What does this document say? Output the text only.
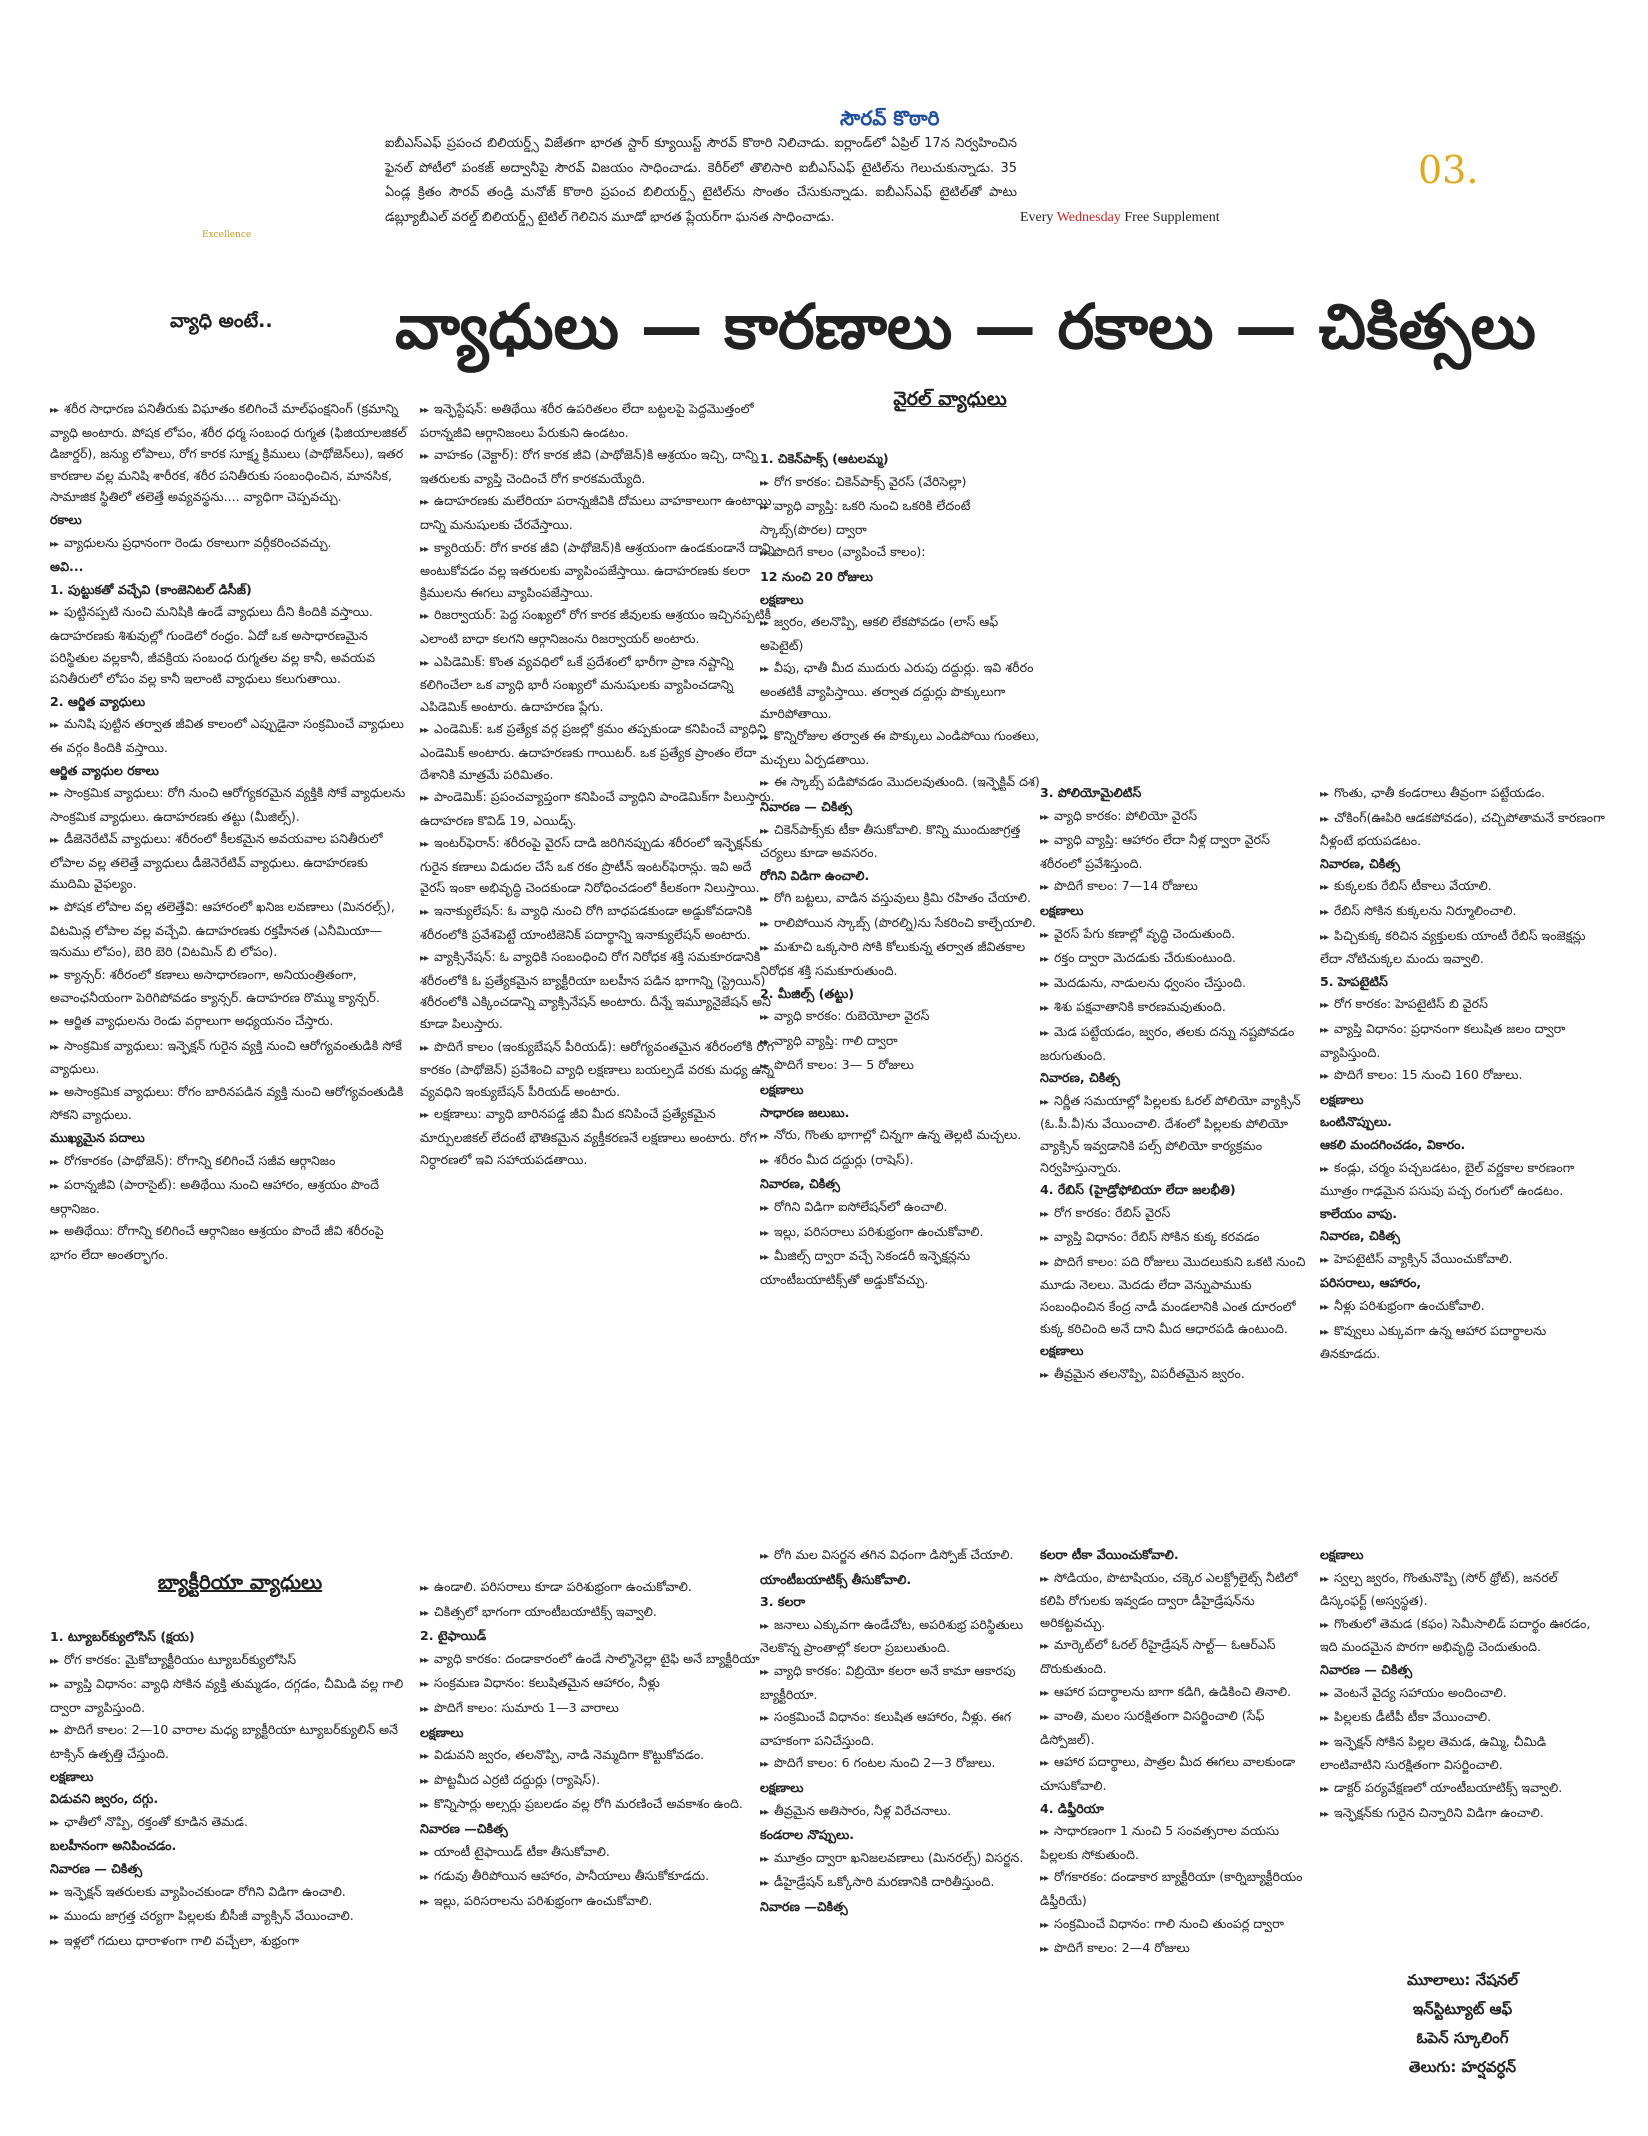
Excellence
సౌరవ్ కొఠారి
ఐబీఎస్‌ఎఫ్ ప్రపంచ బిలియర్డ్స్ విజేతగా భారత స్టార్ క్యూయిస్ట్ సౌరవ్ కొఠారి నిలిచాడు. ఐర్లాండ్‌లో ఏప్రిల్ 17న నిర్వహించిన ఫైనల్ పోటీలో పంకజ్ అద్వానీపై సౌరవ్ విజయం సాధించాడు. కెరీర్‌లో తొలిసారి ఐబీఎస్‌ఎఫ్ టైటిల్‌ను గెలుచుకున్నాడు. 35 ఏండ్ల క్రితం సౌరవ్ తండ్రి మనోజ్ కొఠారి ప్రపంచ బిలియర్డ్స్ టైటిల్‌ను సొంతం చేసుకున్నాడు. ఐబీఎస్‌ఎఫ్ టైటిల్‌తో పాటు డబ్ల్యూబీఎల్ వరల్డ్ బిలియర్డ్స్ టైటిల్ గెలిచిన మూడో భారత ప్లేయర్‌గా ఘనత సాధించాడు.
03.
Every Wednesday Free Supplement
వ్యాధి అంటే.. వ్యాధులు — కారణాలు — రకాలు — చికిత్సలు

▸▸ శరీర సాధారణ పనితీరుకు విఘాతం కలిగించే మాల్‌ఫంక్షనింగ్ (క్రమాన్ని వ్యాధి అంటారు. పోషక లోపం, శరీర ధర్మ సంబంధ రుగ్మత (ఫిజియాలజికల్ డిజార్డర్), జన్యు లోపాలు, రోగ కారక సూక్ష్మ క్రిములు (పాథోజెన్‌లు), ఇతర కారణాల వల్ల మనిషి శారీరక, శరీర పనితీరుకు సంబంధించిన, మానసిక, సామాజిక స్థితిలో తలెత్తే అవ్యవస్థను.... వ్యాధిగా చెప్పవచ్చు.

రకాలు

▸▸ వ్యాధులను ప్రధానంగా రెండు రకాలుగా వర్గీకరించవచ్చు.

అవి...

1. పుట్టుకతో వచ్చేవి (కాంజెనిటల్ డిసీజ్)

▸▸ పుట్టినప్పటి నుంచి మనిషికి ఉండే వ్యాధులు దీని కిందికి వస్తాయి. ఉదాహరణకు శిశువుల్లో గుండెలో రంధ్రం. ఏదో ఒక అసాధారణమైన పరిస్థితుల వల్లకానీ, జీవక్రియ సంబంధ రుగ్మతల వల్ల కానీ, అవయవ పనితీరులో లోపం వల్ల కానీ ఇలాంటి వ్యాధులు కలుగుతాయి.

2. ఆర్జిత వ్యాధులు

▸▸ మనిషి పుట్టిన తర్వాత జీవిత కాలంలో ఎప్పుడైనా సంక్రమించే వ్యాధులు ఈ వర్గం కిందికి వస్తాయి.

ఆర్జిత వ్యాధుల రకాలు

▸▸ సాంక్రమిక వ్యాధులు: రోగి నుంచి ఆరోగ్యకరమైన వ్యక్తికి సోకే వ్యాధులను సాంక్రమిక వ్యాధులు. ఉదాహరణకు తట్టు (మీజిల్స్).

▸▸ డీజెనెరేటివ్ వ్యాధులు: శరీరంలో కీలకమైన అవయవాల పనితీరులో లోపాల వల్ల తలెత్తే వ్యాధులు డీజెనెరేటివ్ వ్యాధులు. ఉదాహరణకు ముదిమి వైఫల్యం.

▸▸ పోషక లోపాల వల్ల తలెత్తేవి: ఆహారంలో ఖనిజ లవణాలు (మినరల్స్), విటమిన్ల లోపాల వల్ల వచ్చేవి. ఉదాహరణకు రక్తహీనత (ఎనీమియా—ఇనుము లోపం), బెరి బెరి (విటమిన్ బి లోపం).

▸▸ క్యాన్సర్: శరీరంలో కణాలు అసాధారణంగా, అనియంత్రితంగా, అవాంఛనీయంగా పెరిగిపోవడం క్యాన్సర్. ఉదాహరణ రొమ్ము క్యాన్సర్.

▸▸ ఆర్జిత వ్యాధులను రెండు వర్గాలుగా అధ్యయనం చేస్తారు.

▸▸ సాంక్రమిక వ్యాధులు: ఇన్ఫెక్షన్ గురైన వ్యక్తి నుంచి ఆరోగ్యవంతుడికి సోకే వ్యాధులు.

▸▸ అసాంక్రమిక వ్యాధులు: రోగం బారినపడిన వ్యక్తి నుంచి ఆరోగ్యవంతుడికి సోకని వ్యాధులు.

ముఖ్యమైన పదాలు

▸▸ రోగకారకం (పాథోజెన్): రోగాన్ని కలిగించే సజీవ ఆర్గానిజం

▸▸ పరాన్నజీవి (పారాసైట్): అతిథేయి నుంచి ఆహారం, ఆశ్రయం పొందే ఆర్గానిజం.

▸▸ అతిథేయి: రోగాన్ని కలిగించే ఆర్గానిజం ఆశ్రయం పొందే జీవి శరీరంపై భాగం లేదా అంతర్భాగం.

▸▸ ఇన్ఫెస్టేషన్: అతిథేయి శరీర ఉపరితలం లేదా బట్టలపై పెద్దమొత్తంలో పరాన్నజీవి ఆర్గానిజంలు పేరుకుని ఉండటం.

▸▸ వాహకం (వెక్టార్): రోగ కారక జీవి (పాథోజెన్)కి ఆశ్రయం ఇచ్చి, దాన్ని ఇతరులకు వ్యాప్తి చెందించే రోగ కారకమయ్యేది.

▸▸ ఉదాహరణకు మలేరియా పరాన్నజీవికి దోమలు వాహకాలుగా ఉంటాయి. దాన్ని మనుషులకు చేరవేస్తాయి.

▸▸ క్యారియర్: రోగ కారక జీవి (పాథోజెన్)కి ఆశ్రయంగా ఉండకుండానే దాన్ని అంటుకోవడం వల్ల ఇతరులకు వ్యాపింపజేస్తాయి. ఉదాహరణకు కలరా క్రిములను ఈగలు వ్యాపింపజేస్తాయి.

▸▸ రిజర్వాయర్: పెద్ద సంఖ్యలో రోగ కారక జీవులకు ఆశ్రయం ఇచ్చినప్పటికీ ఎలాంటి బాధా కలగని ఆర్గానిజంను రిజర్వాయర్ అంటారు.

▸▸ ఎపిడెమిక్: కొంత వ్యవధిలో ఒకే ప్రదేశంలో భారీగా ప్రాణ నష్టాన్ని కలిగించేలా ఒక వ్యాధి భారీ సంఖ్యలో మనుషులకు వ్యాపించడాన్ని ఎపిడెమిక్ అంటారు. ఉదాహరణ ప్లేగు.

▸▸ ఎండెమిక్: ఒక ప్రత్యేక వర్గ ప్రజల్లో క్రమం తప్పకుండా కనిపించే వ్యాధిని ఎండెమిక్ అంటారు. ఉదాహరణకు గాయిటర్. ఒక ప్రత్యేక ప్రాంతం లేదా దేశానికి మాత్రమే పరిమితం.

▸▸ పాండెమిక్: ప్రపంచవ్యాప్తంగా కనిపించే వ్యాధిని పాండెమిక్‌గా పిలుస్తారు. ఉదాహరణ కొవిడ్ 19, ఎయిడ్స్.

▸▸ ఇంటర్‌ఫెరాన్: శరీరంపై వైరస్ దాడి జరిగినప్పుడు శరీరంలో ఇన్ఫెక్షన్‌కు గురైన కణాలు విడుదల చేసే ఒక రకం ప్రొటీన్ ఇంటర్‌ఫెరాన్లు. ఇవి అదే వైరస్ ఇంకా అభివృద్ధి చెందకుండా నిరోధించడంలో కీలకంగా నిలుస్తాయి.

▸▸ ఇనాక్యులేషన్: ఓ వ్యాధి నుంచి రోగి బాధపడకుండా అడ్డుకోవడానికి శరీరంలోకి ప్రవేశపెట్టే యాంటిజెనిక్ పదార్థాన్ని ఇనాక్యులేషన్ అంటారు.

▸▸ వ్యాక్సినేషన్: ఓ వ్యాధికి సంబంధించి రోగ నిరోధక శక్తి సమకూరడానికి శరీరంలోకి ఓ ప్రత్యేకమైన బ్యాక్టీరియా బలహీన పడిన భాగాన్ని (స్ట్రెయిన్) శరీరంలోకి ఎక్కించడాన్ని వ్యాక్సినేషన్ అంటారు. దీన్నే ఇమ్యూనైజేషన్ అని కూడా పిలుస్తారు.

▸▸ పొదిగే కాలం (ఇంక్యుబేషన్ పీరియడ్): ఆరోగ్యవంతమైన శరీరంలోకి రోగ కారకం (పాథోజెన్) ప్రవేశించి వ్యాధి లక్షణాలు బయల్పడే వరకు మధ్య ఉన్న వ్యవధిని ఇంక్యుబేషన్ పీరియడ్ అంటారు.

▸▸ లక్షణాలు: వ్యాధి బారినపడ్డ జీవి మీద కనిపించే ప్రత్యేకమైన మార్పులజికల్ లేదంటే భౌతికమైన వ్యక్తీకరణనే లక్షణాలు అంటారు. రోగ నిర్ధారణలో ఇవి సహాయపడతాయి.

వైరల్ వ్యాధులు

1. చికెన్‌పాక్స్ (ఆటలమ్మ)

▸▸ రోగ కారకం: చికెన్‌పాక్స్ వైరస్ (వేరిసెల్లా)

▸▸ వ్యాధి వ్యాప్తి: ఒకరి నుంచి ఒకరికి లేదంటే స్కాబ్స్(పొరల) ద్వారా

▸▸ పొదిగే కాలం (వ్యాపించే కాలం):

12 నుంచి 20 రోజులు

లక్షణాలు

▸▸ జ్వరం, తలనొప్పి, ఆకలి లేకపోవడం (లాస్ ఆఫ్ అపెటైట్)

▸▸ వీపు, ఛాతీ మీద ముదురు ఎరుపు దద్దుర్లు. ఇవి శరీరం అంతటికీ వ్యాపిస్తాయి. తర్వాత దద్దుర్లు పొక్కులుగా మారిపోతాయి.

▸▸ కొన్నిరోజుల తర్వాత ఈ పొక్కులు ఎండిపోయి గుంతలు, మచ్చలు ఏర్పడతాయి.

▸▸ ఈ స్కాబ్స్ పడిపోవడం మొదలవుతుంది. (ఇన్ఫెక్టివ్ దశ)

నివారణ — చికిత్స

▸▸ చికెన్‌పాక్స్‌కు టీకా తీసుకోవాలి. కొన్ని ముందుజాగ్రత్త చర్యలు కూడా అవసరం.

రోగిని విడిగా ఉంచాలి.

▸▸ రోగి బట్టలు, వాడిన వస్తువులు క్రిమి రహితం చేయాలి.

▸▸ రాలిపోయిన స్కాబ్స్ (పొరల్ని)ను సేకరించి కాల్చేయాలి.

▸▸ మశూచి ఒక్కసారి సోకి కోలుకున్న తర్వాత జీవితకాల నిరోధక శక్తి సమకూరుతుంది.

2. మీజిల్స్ (తట్టు)

▸▸ వ్యాధి కారకం: రుబెయోలా వైరస్

▸▸ వ్యాధి వ్యాప్తి: గాలి ద్వారా

▸▸ పొదిగే కాలం: 3— 5 రోజులు

లక్షణాలు

సాధారణ జలుబు.

▸▸ నోరు, గొంతు భాగాల్లో చిన్నగా ఉన్న తెల్లటి మచ్చలు.

▸▸ శరీరం మీద దద్దుర్లు (రాషెస్).

నివారణ, చికిత్స

▸▸ రోగిని విడిగా ఐసోలేషన్‌లో ఉంచాలి.

▸▸ ఇల్లు, పరిసరాలు పరిశుభ్రంగా ఉంచుకోవాలి.

▸▸ మీజిల్స్ ద్వారా వచ్చే సెకండరీ ఇన్ఫెక్షన్లను యాంటీబయాటిక్స్‌తో అడ్డుకోవచ్చు.

3. పోలియోమైలిటిస్

▸▸ వ్యాధి కారకం: పోలియో వైరస్

▸▸ వ్యాధి వ్యాప్తి: ఆహారం లేదా నీళ్ల ద్వారా వైరస్ శరీరంలో ప్రవేశిస్తుంది.

▸▸ పొదిగే కాలం: 7—14 రోజులు

లక్షణాలు

▸▸ వైరస్ పేగు కణాల్లో వృద్ధి చెందుతుంది.

▸▸ రక్తం ద్వారా మెదడుకు చేరుకుంటుంది.

▸▸ మెదడును, నాడులను ధ్వంసం చేస్తుంది.

▸▸ శిశు పక్షవాతానికి కారణమవుతుంది.

▸▸ మెడ పట్టేయడం, జ్వరం, తలకు దన్ను నష్టపోవడం జరుగుతుంది.

నివారణ, చికిత్స

▸▸ నిర్ణీత సమయాల్లో పిల్లలకు ఓరల్ పోలియో వ్యాక్సిన్ (ఓ.పీ.వీ)ను వేయించాలి. దేశంలో పిల్లలకు పోలియో వ్యాక్సిన్ ఇవ్వడానికి పల్స్ పోలియో కార్యక్రమం నిర్వహిస్తున్నారు.

4. రేబిస్ (హైడ్రోఫోబియా లేదా జలభీతి)

▸▸ రోగ కారకం: రేబిస్ వైరస్

▸▸ వ్యాప్తి విధానం: రేబిస్ సోకిన కుక్క కరవడం

▸▸ పొదిగే కాలం: పది రోజులు మొదలుకుని ఒకటి నుంచి మూడు నెలలు. మెదడు లేదా వెన్నుపాముకు సంబంధించిన కేంద్ర నాడీ మండలానికి ఎంత దూరంలో కుక్క కరిచింది అనే దాని మీద ఆధారపడి ఉంటుంది.

లక్షణాలు

▸▸ తీవ్రమైన తలనొప్పి, విపరీతమైన జ్వరం.

▸▸ గొంతు, ఛాతీ కండరాలు తీవ్రంగా పట్టేయడం.

▸▸ చోకింగ్(ఊపిరి ఆడకపోవడం), చచ్చిపోతామనే కారణంగా నీళ్లంటే భయపడటం.

నివారణ, చికిత్స

▸▸ కుక్కలకు రేబిస్ టీకాలు వేయాలి.

▸▸ రేబిస్ సోకిన కుక్కలను నిర్మూలించాలి.

▸▸ పిచ్చికుక్క కరిచిన వ్యక్తులకు యాంటీ రేబిస్ ఇంజెక్షన్లు లేదా నోటిచుక్కల మందు ఇవ్వాలి.

5. హెపటైటిస్

▸▸ రోగ కారకం: హెపటైటిస్ బి వైరస్

▸▸ వ్యాప్తి విధానం: ప్రధానంగా కలుషిత జలం ద్వారా వ్యాపిస్తుంది.

▸▸ పొదిగే కాలం: 15 నుంచి 160 రోజులు.

లక్షణాలు

ఒంటినొప్పులు.

ఆకలి మందగించడం, వికారం.

▸▸ కండ్లు, చర్మం పచ్చబడటం, బైల్ వర్ణకాల కారణంగా మూత్రం గాఢమైన పసుపు పచ్చ రంగులో ఉండటం.

కాలేయం వాపు.

నివారణ, చికిత్స

▸▸ హెపటైటిస్ వ్యాక్సిన్ వేయించుకోవాలి.

పరిసరాలు, ఆహారం,

▸▸ నీళ్లు పరిశుభ్రంగా ఉంచుకోవాలి.

▸▸ కొవ్వులు ఎక్కువగా ఉన్న ఆహార పదార్థాలను తినకూడదు.

బ్యాక్టీరియా వ్యాధులు

1. ట్యూబర్‌క్యులోసిస్ (క్షయ)

▸▸ రోగ కారకం: మైకోబ్యాక్టీరియం ట్యూబర్‌క్యులోసిస్

▸▸ వ్యాప్తి విధానం: వ్యాధి సోకిన వ్యక్తి తుమ్మడం, దగ్గడం, చీమిడి వల్ల గాలి ద్వారా వ్యాపిస్తుంది.

▸▸ పొదిగే కాలం: 2—10 వారాల మధ్య బ్యాక్టీరియా ట్యూబర్‌క్యులిన్ అనే టాక్సిన్ ఉత్పత్తి చేస్తుంది.

లక్షణాలు

విడువని జ్వరం, దగ్గు.

▸▸ ఛాతీలో నొప్పి, రక్తంతో కూడిన తెమడ.

బలహీనంగా అనిపించడం.

నివారణ — చికిత్స

▸▸ ఇన్ఫెక్షన్ ఇతరులకు వ్యాపించకుండా రోగిని విడిగా ఉంచాలి.

▸▸ ముందు జాగ్రత్త చర్యగా పిల్లలకు బీసీజీ వ్యాక్సిన్ వేయించాలి.

▸▸ ఇళ్లలో గదులు ధారాళంగా గాలి వచ్చేలా, శుభ్రంగా

▸▸ ఉండాలి. పరిసరాలు కూడా పరిశుభ్రంగా ఉంచుకోవాలి.

▸▸ చికిత్సలో భాగంగా యాంటీబయాటిక్స్ ఇవ్వాలి.

2. టైఫాయిడ్

▸▸ వ్యాధి కారకం: దండాకారంలో ఉండే సాల్మొనెల్లా టైఫి అనే బ్యాక్టీరియా

▸▸ సంక్రమణ విధానం: కలుషితమైన ఆహారం, నీళ్లు

▸▸ పొదిగే కాలం: సుమారు 1—3 వారాలు

లక్షణాలు

▸▸ విడువని జ్వరం, తలనొప్పి, నాడి నెమ్మదిగా కొట్టుకోవడం.

▸▸ పొట్టమీద ఎర్రటి దద్దుర్లు (ర్యాషెస్).

▸▸ కొన్నిసార్లు అల్సర్లు ప్రబలడం వల్ల రోగి మరణించే అవకాశం ఉంది.

నివారణ —చికిత్స

▸▸ యాంటీ టైఫాయిడ్ టీకా తీసుకోవాలి.

▸▸ గడువు తీరిపోయిన ఆహారం, పానీయాలు తీసుకోకూడదు.

▸▸ ఇల్లు, పరిసరాలను పరిశుభ్రంగా ఉంచుకోవాలి.

▸▸ రోగి మల విసర్జన తగిన విధంగా డిస్పోజ్ చేయాలి.

యాంటీబయాటిక్స్ తీసుకోవాలి.

3. కలరా

▸▸ జనాలు ఎక్కువగా ఉండేచోట, అపరిశుభ్ర పరిస్థితులు నెలకొన్న ప్రాంతాల్లో కలరా ప్రబలుతుంది.

▸▸ వ్యాధి కారకం: విబ్రియో కలరా అనే కామా ఆకారపు బ్యాక్టీరియా.

▸▸ సంక్రమించే విధానం: కలుషిత ఆహారం, నీళ్లు. ఈగ వాహకంగా పనిచేస్తుంది.

▸▸ పొదిగే కాలం: 6 గంటల నుంచి 2—3 రోజులు.

లక్షణాలు

▸▸ తీవ్రమైన అతిసారం, నీళ్ల విరేచనాలు.

కండరాల నొప్పులు.

▸▸ మూత్రం ద్వారా ఖనిజలవణాలు (మినరల్స్) విసర్జన.

▸▸ డీహైడ్రేషన్ ఒక్కోసారి మరణానికి దారితీస్తుంది.

నివారణ —చికిత్స

కలరా టీకా వేయించుకోవాలి.

▸▸ సోడియం, పొటాషియం, చక్కెర ఎలక్ట్రోలైట్స్ నీటిలో కలిపి రోగులకు ఇవ్వడం ద్వారా డీహైడ్రేషన్‌ను అరికట్టవచ్చు.

▸▸ మార్కెట్‌లో ఓరల్ రీహైడ్రేషన్ సాల్ట్— ఓఆర్ఎస్ దొరుకుతుంది.

▸▸ ఆహార పదార్థాలను బాగా కడిగి, ఉడికించి తినాలి.

▸▸ వాంతి, మలం సురక్షితంగా విసర్జించాలి (సేఫ్ డిస్పోజల్).

▸▸ ఆహార పదార్థాలు, పాత్రల మీద ఈగలు వాలకుండా చూసుకోవాలి.

4. డిఫ్తీరియా

▸▸ సాధారణంగా 1 నుంచి 5 సంవత్సరాల వయసు పిల్లలకు సోకుతుంది.

▸▸ రోగకారకం: దండాకార బ్యాక్టీరియా (కార్నిబ్యాక్టీరియం డిఫ్తీరియే)

▸▸ సంక్రమించే విధానం: గాలి నుంచి తుంపర్ల ద్వారా

▸▸ పొదిగే కాలం: 2—4 రోజులు

లక్షణాలు

▸▸ స్వల్ప జ్వరం, గొంతునొప్పి (సోర్ థ్రోట్), జనరల్ డిస్కంఫర్ట్ (అస్వస్థత).

▸▸ గొంతులో తెమడ (కఫం) సెమీసాలిడ్ పదార్థం ఊరడం, ఇది మందమైన పొరగా అభివృద్ధి చెందుతుంది.

నివారణ — చికిత్స

▸▸ వెంటనే వైద్య సహాయం అందించాలి.

▸▸ పిల్లలకు డీటీపీ టీకా వేయించాలి.

▸▸ ఇన్ఫెక్షన్ సోకిన పిల్లల తెమడ, ఉమ్మి, చీమిడి లాంటివాటిని సురక్షితంగా విసర్జించాలి.

▸▸ డాక్టర్ పర్యవేక్షణలో యాంటీబయాటిక్స్ ఇవ్వాలి.

▸▸ ఇన్ఫెక్షన్‌కు గురైన చిన్నారిని విడిగా ఉంచాలి.

మూలాలు: నేషనల్
ఇన్‌స్టిట్యూట్ ఆఫ్
ఓపెన్ స్కూలింగ్
తెలుగు: హర్షవర్ధన్
